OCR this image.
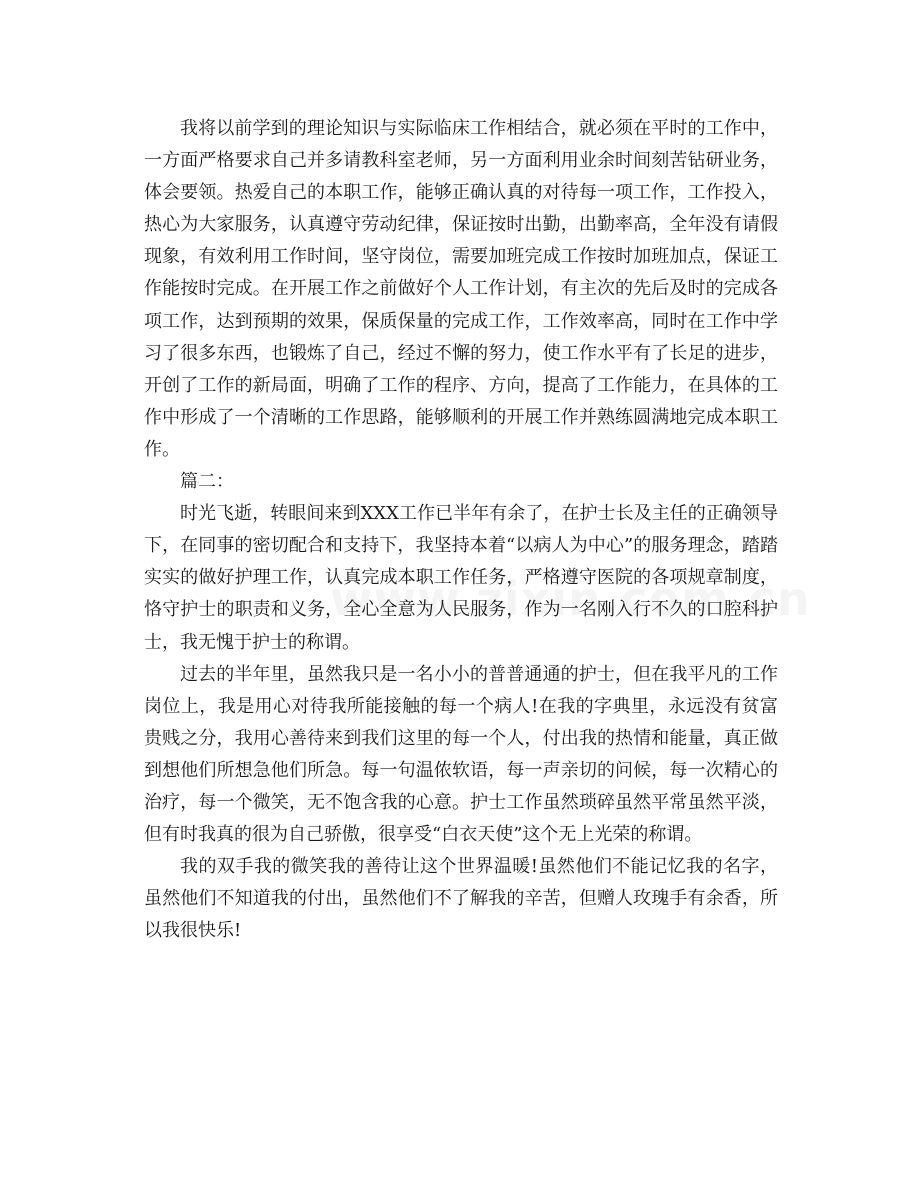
我将以前学到的理论知识与实际临床工作相结合，就必须在平时的工作中，一方面严格要求自己并多请教科室老师，另一方面利用业余时间刻苦钻研业务，体会要领。热爱自己的本职工作，能够正确认真的对待每一项工作，工作投入，热心为大家服务，认真遵守劳动纪律，保证按时出勤，出勤率高，全年没有请假现象，有效利用工作时间，坚守岗位，需要加班完成工作按时加班加点，保证工作能按时完成。在开展工作之前做好个人工作计划，有主次的先后及时的完成各项工作，达到预期的效果，保质保量的完成工作，工作效率高，同时在工作中学习了很多东西，也锻炼了自己，经过不懈的努力，使工作水平有了长足的进步，开创了工作的新局面，明确了工作的程序、方向，提高了工作能力，在具体的工作中形成了一个清晰的工作思路，能够顺利的开展工作并熟练圆满地完成本职工作。

篇二：

时光飞逝，转眼间来到XXX工作已半年有余了，在护士长及主任的正确领导下，在同事的密切配合和支持下，我坚持本着“以病人为中心”的服务理念，踏踏实实的做好护理工作，认真完成本职工作任务，严格遵守医院的各项规章制度，恪守护士的职责和义务，全心全意为人民服务，作为一名刚入行不久的口腔科护士，我无愧于护士的称谓。

过去的半年里，虽然我只是一名小小的普普通通的护士，但在我平凡的工作岗位上，我是用心对待我所能接触的每一个病人!在我的字典里，永远没有贫富贵贱之分，我用心善待来到我们这里的每一个人，付出我的热情和能量，真正做到想他们所想急他们所急。每一句温侬软语，每一声亲切的问候，每一次精心的治疗，每一个微笑，无不饱含我的心意。护士工作虽然琐碎虽然平常虽然平淡，但有时我真的很为自己骄傲，很享受“白衣天使”这个无上光荣的称谓。

我的双手我的微笑我的善待让这个世界温暖!虽然他们不能记忆我的名字，虽然他们不知道我的付出，虽然他们不了解我的辛苦，但赠人玫瑰手有余香，所以我很快乐!
